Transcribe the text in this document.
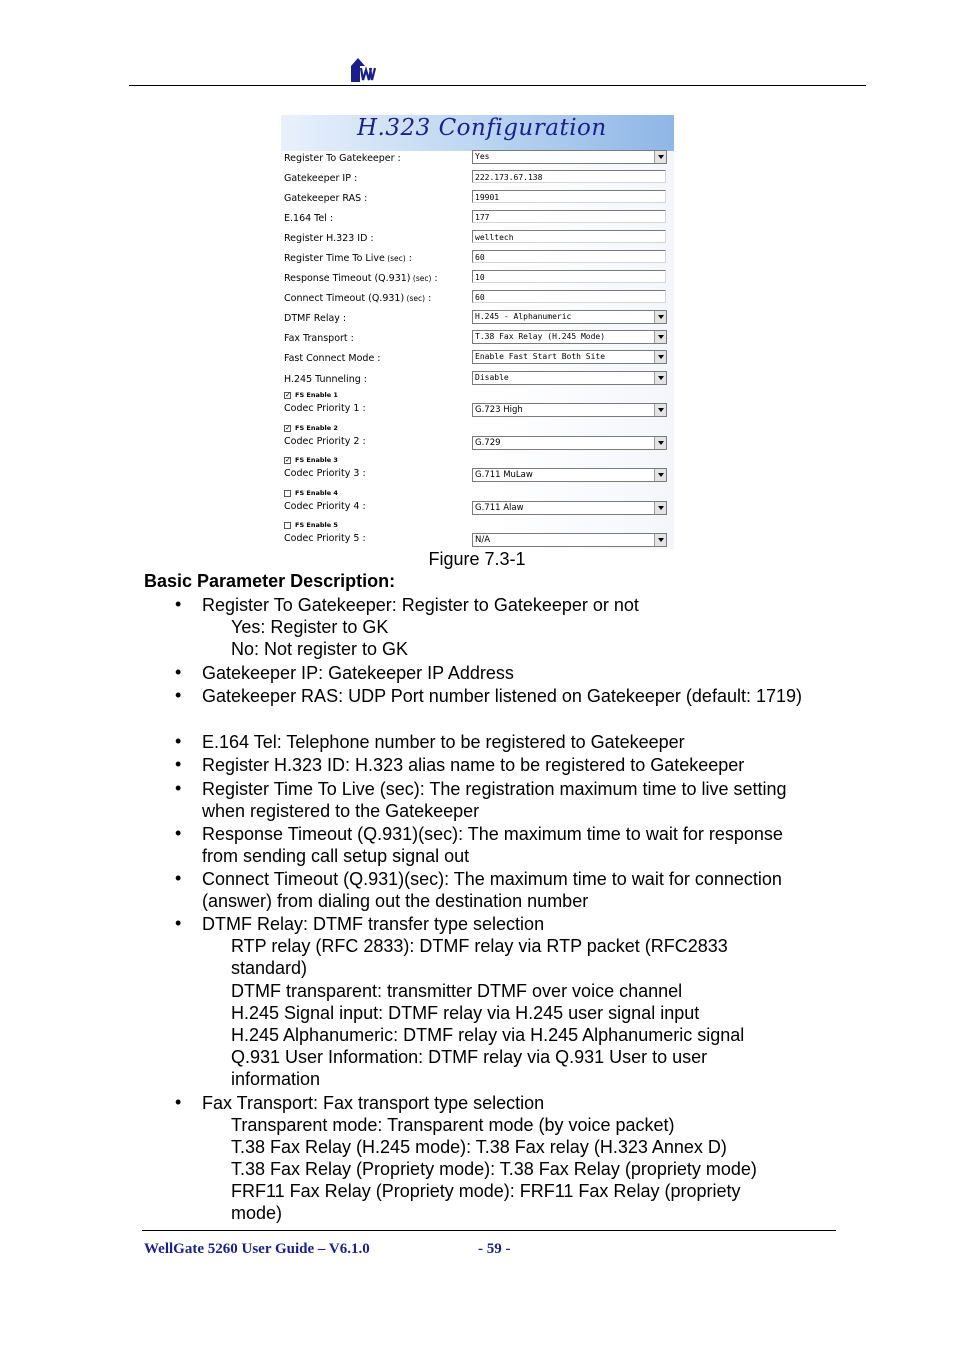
H.323 Configuration
Register To Gatekeeper :	Yes
Gatekeeper IP :	222.173.67.138
Gatekeeper RAS :	19901
E.164 Tel :	177
Register H.323 ID :	welltech
Register Time To Live (sec) :	60
Response Timeout (Q.931) (sec) :	10
Connect Timeout (Q.931) (sec) :	60
DTMF Relay :	H.245 - Alphanumeric
Fax Transport :	T.38 Fax Relay (H.245 Mode)
Fast Connect Mode :	Enable Fast Start Both Site
H.245 Tunneling :	Disable
✓ FS Enable 1
Codec Priority 1 :	G.723 High
✓ FS Enable 2
Codec Priority 2 :	G.729
✓ FS Enable 3
Codec Priority 3 :	G.711 MuLaw
FS Enable 4
Codec Priority 4 :	G.711 Alaw
FS Enable 5
Codec Priority 5 :	N/A
Figure 7.3-1
Basic Parameter Description:
• Register To Gatekeeper: Register to Gatekeeper or not
Yes: Register to GK
No: Not register to GK
• Gatekeeper IP: Gatekeeper IP Address
• Gatekeeper RAS: UDP Port number listened on Gatekeeper (default: 1719)
• E.164 Tel: Telephone number to be registered to Gatekeeper
• Register H.323 ID: H.323 alias name to be registered to Gatekeeper
• Register Time To Live (sec): The registration maximum time to live setting when registered to the Gatekeeper
• Response Timeout (Q.931)(sec): The maximum time to wait for response from sending call setup signal out
• Connect Timeout (Q.931)(sec): The maximum time to wait for connection (answer) from dialing out the destination number
• DTMF Relay: DTMF transfer type selection
RTP relay (RFC 2833): DTMF relay via RTP packet (RFC2833 standard)
DTMF transparent: transmitter DTMF over voice channel
H.245 Signal input: DTMF relay via H.245 user signal input
H.245 Alphanumeric: DTMF relay via H.245 Alphanumeric signal
Q.931 User Information: DTMF relay via Q.931 User to user information
• Fax Transport: Fax transport type selection
Transparent mode: Transparent mode (by voice packet)
T.38 Fax Relay (H.245 mode): T.38 Fax relay (H.323 Annex D)
T.38 Fax Relay (Propriety mode): T.38 Fax Relay (propriety mode)
FRF11 Fax Relay (Propriety mode): FRF11 Fax Relay (propriety mode)
WellGate 5260 User Guide – V6.1.0	- 59 -
